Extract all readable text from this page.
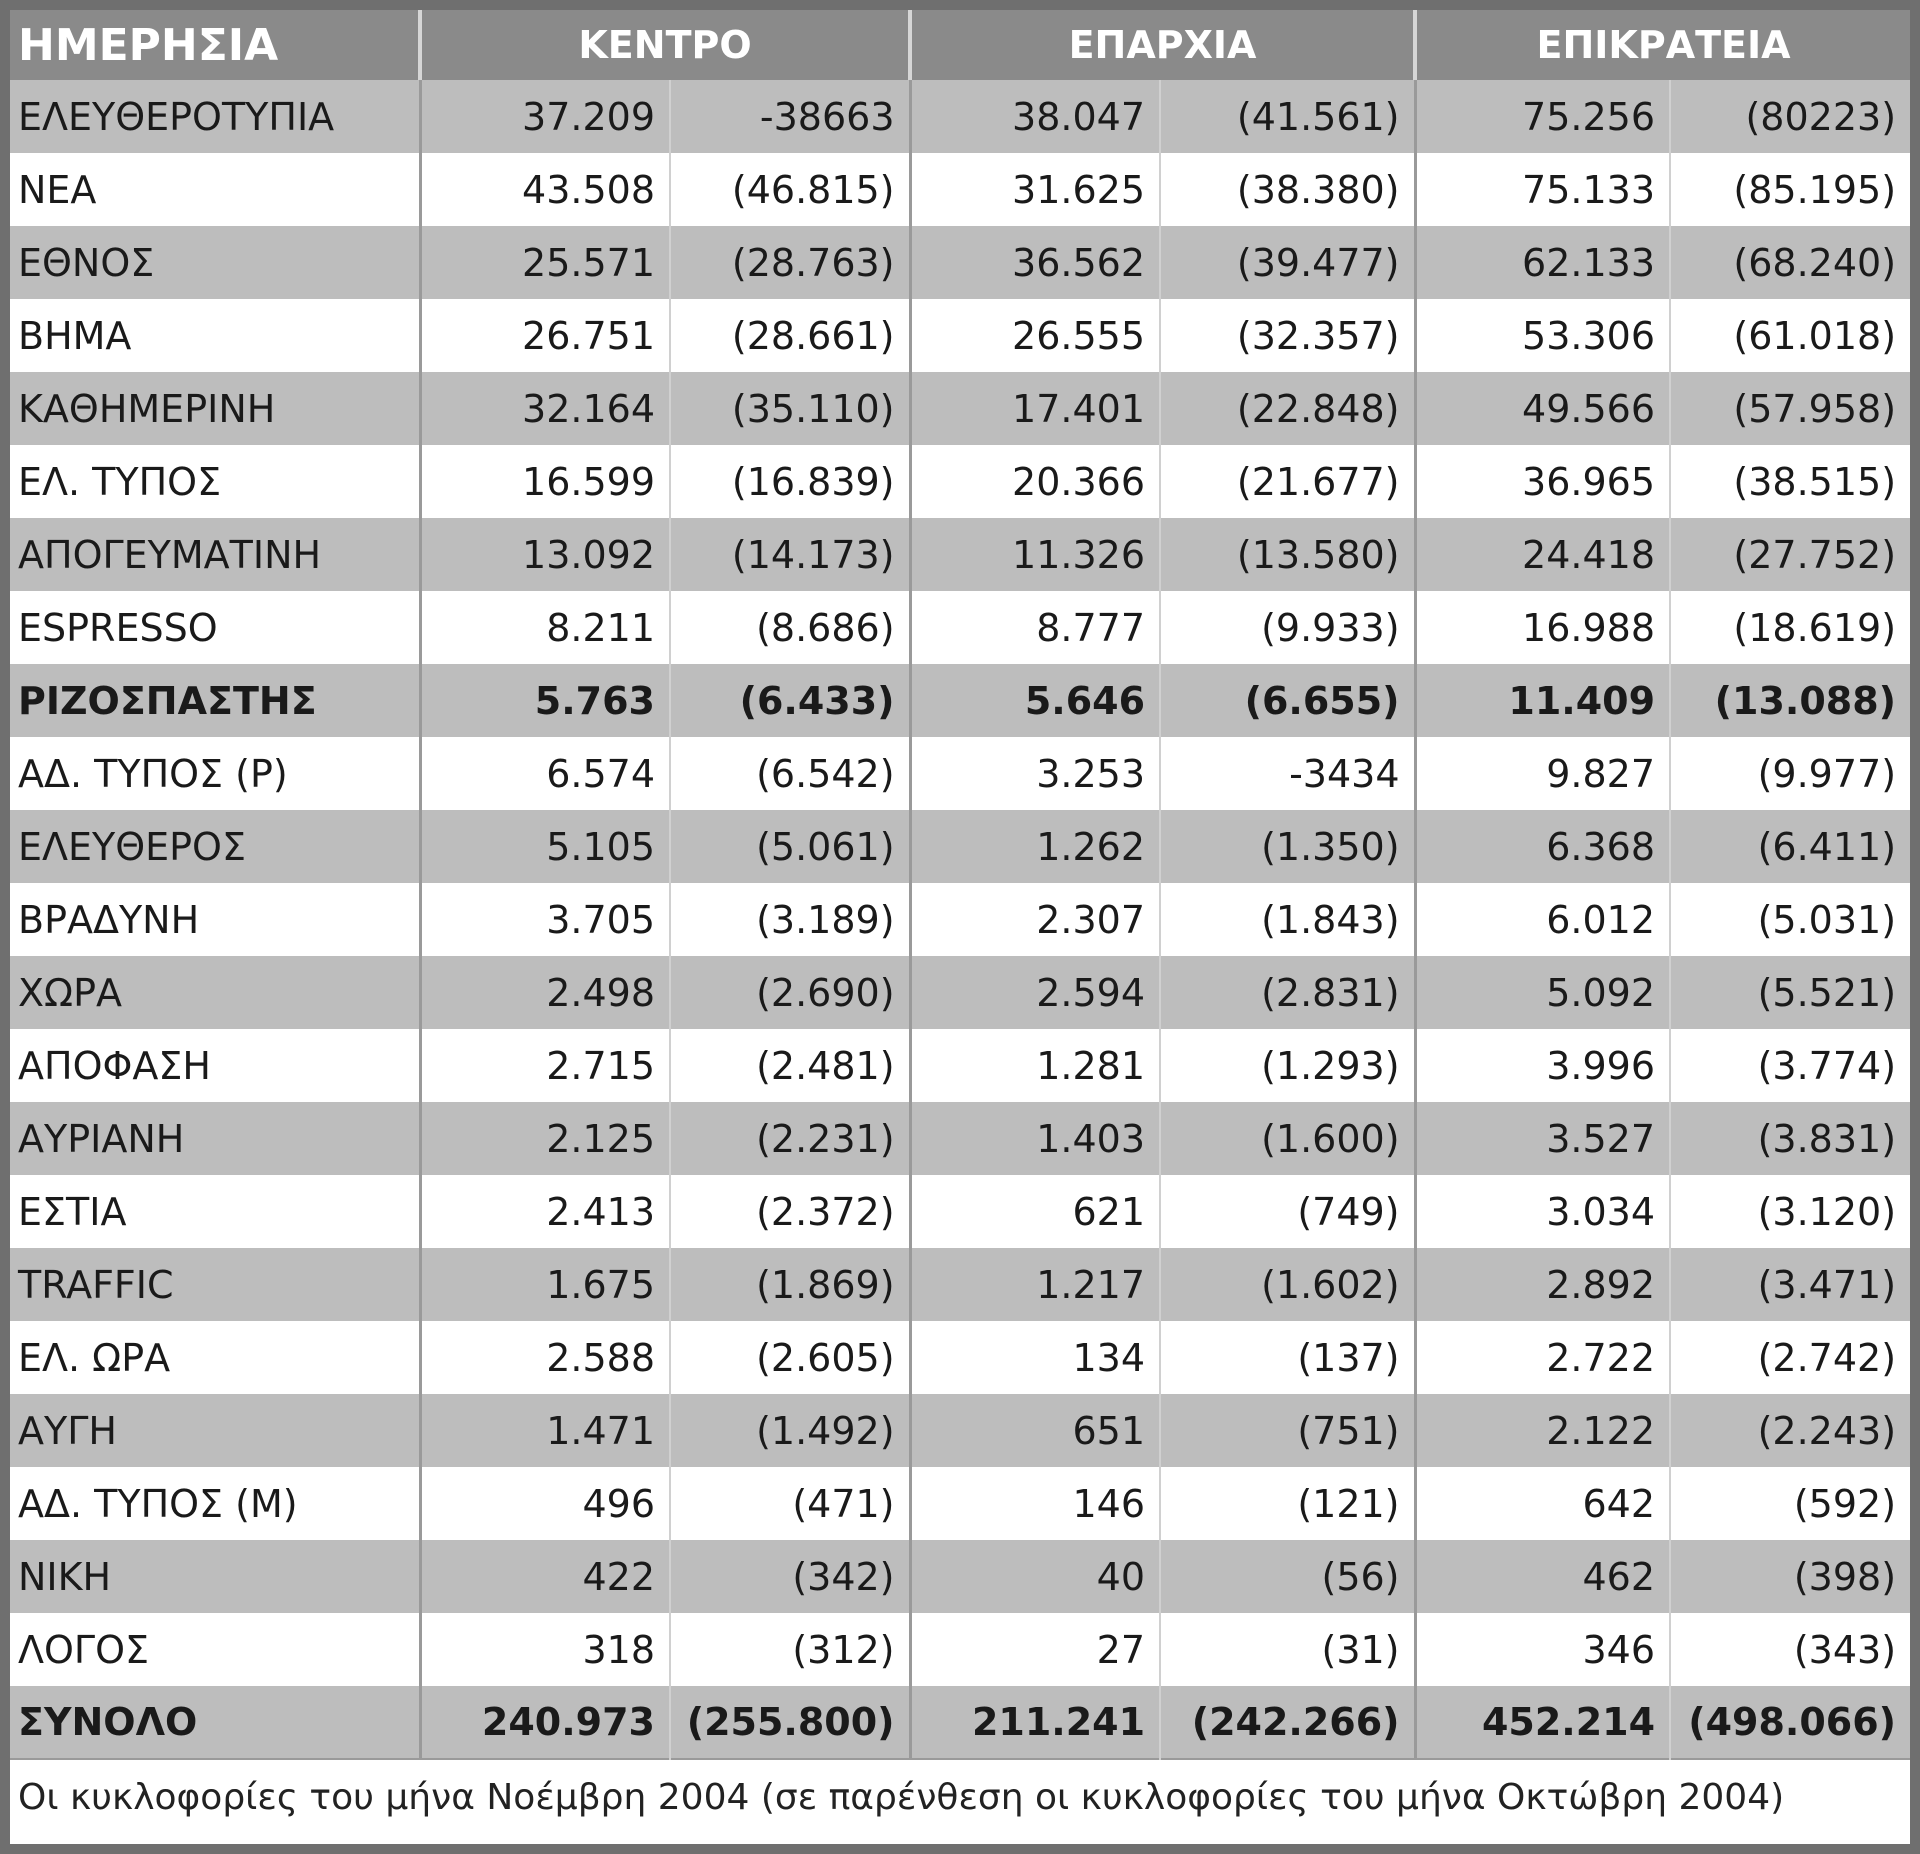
ΗΜΕΡΗΣΙΑ	ΚΕΝΤΡΟ		ΕΠΑΡΧΙΑ		ΕΠΙΚΡΑΤΕΙΑ	
ΕΛΕΥΘΕΡΟΤΥΠΙΑ	37.209	-38663	38.047	(41.561)	75.256	(80223)
ΝΕΑ	43.508	(46.815)	31.625	(38.380)	75.133	(85.195)
ΕΘΝΟΣ	25.571	(28.763)	36.562	(39.477)	62.133	(68.240)
ΒΗΜΑ	26.751	(28.661)	26.555	(32.357)	53.306	(61.018)
ΚΑΘΗΜΕΡΙΝΗ	32.164	(35.110)	17.401	(22.848)	49.566	(57.958)
ΕΛ. ΤΥΠΟΣ	16.599	(16.839)	20.366	(21.677)	36.965	(38.515)
ΑΠΟΓΕΥΜΑΤΙΝΗ	13.092	(14.173)	11.326	(13.580)	24.418	(27.752)
ESPRESSO	8.211	(8.686)	8.777	(9.933)	16.988	(18.619)
ΡΙΖΟΣΠΑΣΤΗΣ	5.763	(6.433)	5.646	(6.655)	11.409	(13.088)
ΑΔ. ΤΥΠΟΣ (Ρ)	6.574	(6.542)	3.253	-3434	9.827	(9.977)
ΕΛΕΥΘΕΡΟΣ	5.105	(5.061)	1.262	(1.350)	6.368	(6.411)
ΒΡΑΔΥΝΗ	3.705	(3.189)	2.307	(1.843)	6.012	(5.031)
ΧΩΡΑ	2.498	(2.690)	2.594	(2.831)	5.092	(5.521)
ΑΠΟΦΑΣΗ	2.715	(2.481)	1.281	(1.293)	3.996	(3.774)
ΑΥΡΙΑΝΗ	2.125	(2.231)	1.403	(1.600)	3.527	(3.831)
ΕΣΤΙΑ	2.413	(2.372)	621	(749)	3.034	(3.120)
TRAFFIC	1.675	(1.869)	1.217	(1.602)	2.892	(3.471)
ΕΛ. ΩΡΑ	2.588	(2.605)	134	(137)	2.722	(2.742)
ΑΥΓΗ	1.471	(1.492)	651	(751)	2.122	(2.243)
ΑΔ. ΤΥΠΟΣ (Μ)	496	(471)	146	(121)	642	(592)
ΝΙΚΗ	422	(342)	40	(56)	462	(398)
ΛΟΓΟΣ	318	(312)	27	(31)	346	(343)
ΣΥΝΟΛΟ	240.973	(255.800)	211.241	(242.266)	452.214	(498.066)
Οι κυκλοφορίες του μήνα Νοέμβρη 2004 (σε παρένθεση οι κυκλοφορίες του μήνα Οκτώβρη 2004)						
